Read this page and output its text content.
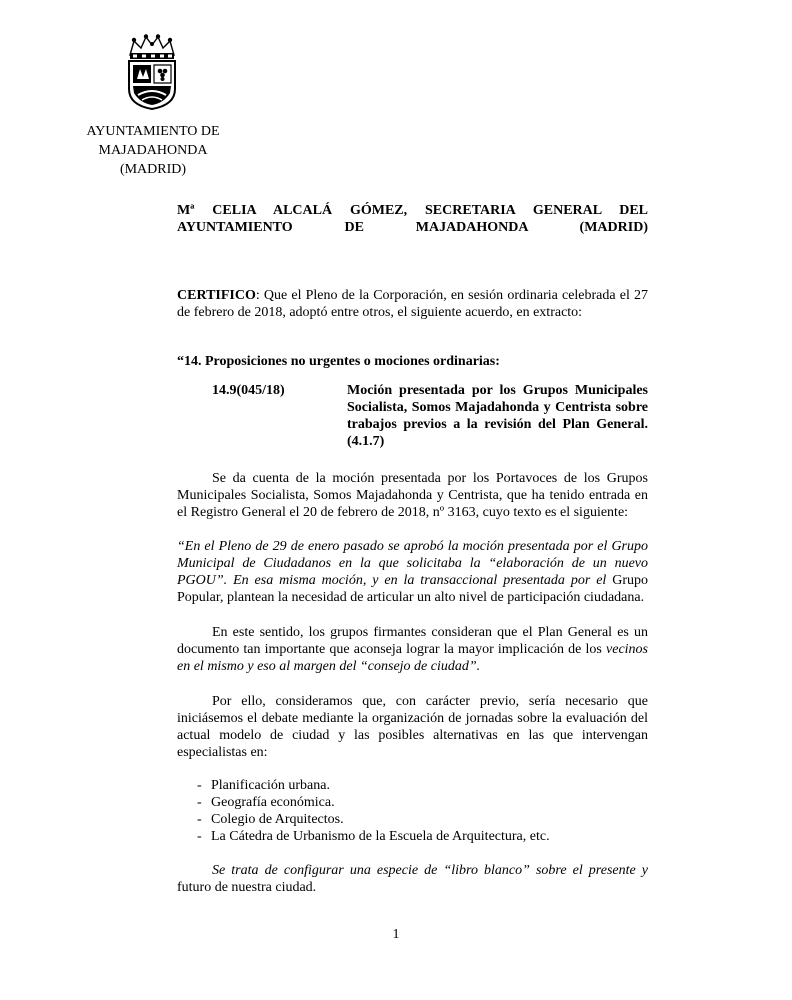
AYUNTAMIENTO DE
MAJADAHONDA
(MADRID)

Mª CELIA ALCALÁ GÓMEZ, SECRETARIA GENERAL DEL AYUNTAMIENTO DE MAJADAHONDA (MADRID)

CERTIFICO: Que el Pleno de la Corporación, en sesión ordinaria celebrada el 27 de febrero de 2018, adoptó entre otros, el siguiente acuerdo, en extracto:

“14. Proposiciones no urgentes o mociones ordinarias:

14.9(045/18)	Moción presentada por los Grupos Municipales Socialista, Somos Majadahonda y Centrista sobre trabajos previos a la revisión del Plan General. (4.1.7)

Se da cuenta de la moción presentada por los Portavoces de los Grupos Municipales Socialista, Somos Majadahonda y Centrista, que ha tenido entrada en el Registro General el 20 de febrero de 2018, nº 3163, cuyo texto es el siguiente:

“En el Pleno de 29 de enero pasado se aprobó la moción presentada por el Grupo Municipal de Ciudadanos en la que solicitaba la “elaboración de un nuevo PGOU”. En esa misma moción, y en la transaccional presentada por el Grupo Popular, plantean la necesidad de articular un alto nivel de participación ciudadana.

En este sentido, los grupos firmantes consideran que el Plan General es un documento tan importante que aconseja lograr la mayor implicación de los vecinos en el mismo y eso al margen del “consejo de ciudad”.

Por ello, consideramos que, con carácter previo, sería necesario que iniciásemos el debate mediante la organización de jornadas sobre la evaluación del actual modelo de ciudad y las posibles alternativas en las que intervengan especialistas en:

- Planificación urbana.
- Geografía económica.
- Colegio de Arquitectos.
- La Cátedra de Urbanismo de la Escuela de Arquitectura, etc.

Se trata de configurar una especie de “libro blanco” sobre el presente y futuro de nuestra ciudad.

1
